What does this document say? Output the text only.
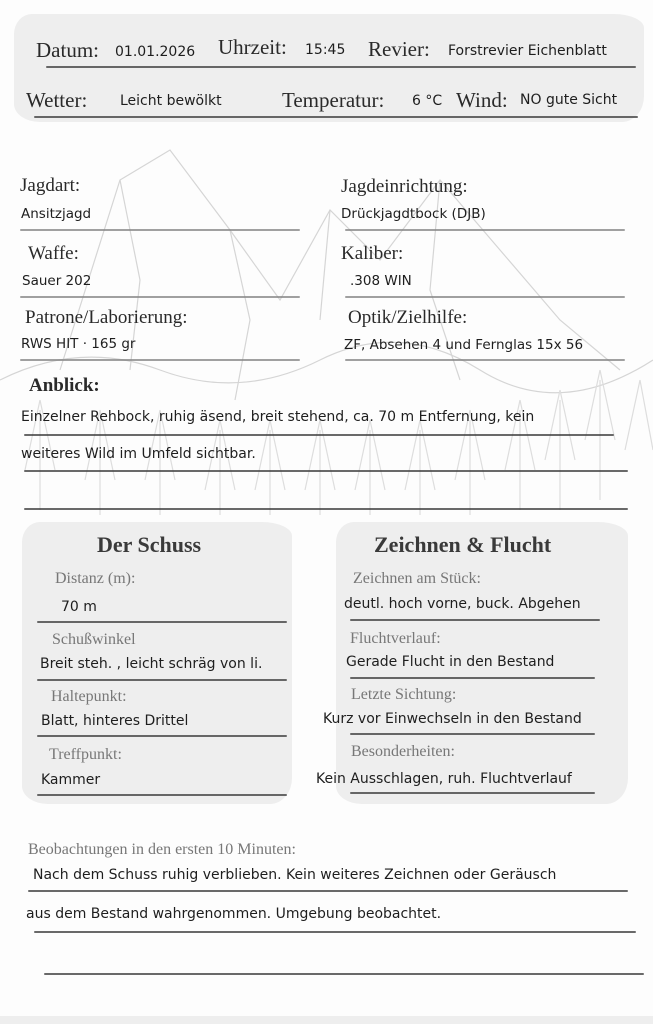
Datum: 01.01.2026 Uhrzeit: 15:45 Revier: Forstrevier Eichenblatt
Wetter: Leicht bewölkt	Temperatur: 6 °C Wind: NO gute Sicht
Jagdart:
Ansitzjagd
Waffe:
Sauer 202
Patrone/Laborierung:
RWS HIT · 165 gr
Jagdeinrichtung:
Drückjagdtbock (DJB)
Kaliber:
.308 WIN
Optik/Zielhilfe:
ZF, Absehen 4 und Fernglas 15x 56
Anblick:
Einzelner Rehbock, ruhig äsend, breit stehend, ca. 70 m Entfernung, kein
weiteres Wild im Umfeld sichtbar.
Der Schuss
Distanz (m):
70 m
Schußwinkel
Breit steh. , leicht schräg von li.
Haltepunkt:
Blatt, hinteres Drittel
Treffpunkt:
Kammer
Zeichnen & Flucht
Zeichnen am Stück:
deutl. hoch vorne, buck. Abgehen
Fluchtverlauf:
Gerade Flucht in den Bestand
Letzte Sichtung:
Kurz vor Einwechseln in den Bestand
Besonderheiten:
Kein Ausschlagen, ruh. Fluchtverlauf
Beobachtungen in den ersten 10 Minuten:
Nach dem Schuss ruhig verblieben. Kein weiteres Zeichnen oder Geräusch
aus dem Bestand wahrgenommen. Umgebung beobachtet.
